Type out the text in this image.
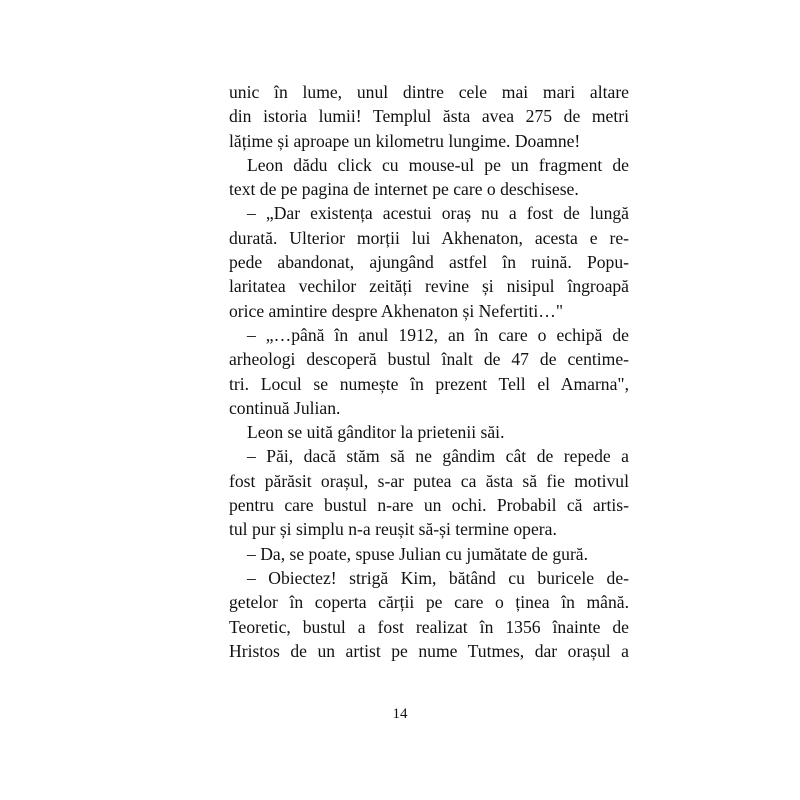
unic în lume, unul dintre cele mai mari altare
din istoria lumii! Templul ăsta avea 275 de metri
lățime și aproape un kilometru lungime. Doamne!
Leon dădu click cu mouse-ul pe un fragment de
text de pe pagina de internet pe care o deschisese.
– „Dar existența acestui oraș nu a fost de lungă
durată. Ulterior morții lui Akhenaton, acesta e re-
pede abandonat, ajungând astfel în ruină. Popu-
laritatea vechilor zeități revine și nisipul îngroapă
orice amintire despre Akhenaton și Nefertiti…"
– „…până în anul 1912, an în care o echipă de
arheologi descoperă bustul înalt de 47 de centime-
tri. Locul se numește în prezent Tell el Amarna",
continuă Julian.
Leon se uită gânditor la prietenii săi.
– Păi, dacă stăm să ne gândim cât de repede a
fost părăsit orașul, s-ar putea ca ăsta să fie motivul
pentru care bustul n-are un ochi. Probabil că artis-
tul pur și simplu n-a reușit să-și termine opera.
– Da, se poate, spuse Julian cu jumătate de gură.
– Obiectez! strigă Kim, bătând cu buricele de-
getelor în coperta cărții pe care o ținea în mână.
Teoretic, bustul a fost realizat în 1356 înainte de
Hristos de un artist pe nume Tutmes, dar orașul a
14
